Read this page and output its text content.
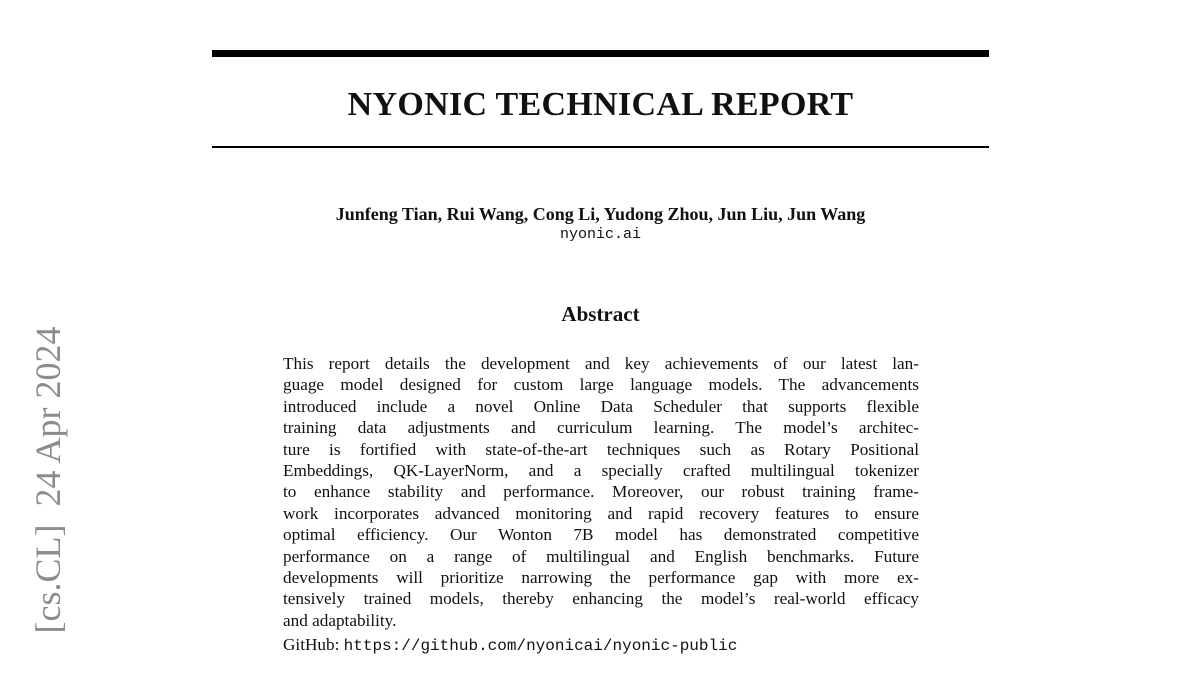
NYONIC TECHNICAL REPORT
Junfeng Tian, Rui Wang, Cong Li, Yudong Zhou, Jun Liu, Jun Wang
nyonic.ai
Abstract
This report details the development and key achievements of our latest lan-
guage model designed for custom large language models. The advancements
introduced include a novel Online Data Scheduler that supports flexible
training data adjustments and curriculum learning. The model’s architec-
ture is fortified with state-of-the-art techniques such as Rotary Positional
Embeddings, QK-LayerNorm, and a specially crafted multilingual tokenizer
to enhance stability and performance. Moreover, our robust training frame-
work incorporates advanced monitoring and rapid recovery features to ensure
optimal efficiency. Our Wonton 7B model has demonstrated competitive
performance on a range of multilingual and English benchmarks. Future
developments will prioritize narrowing the performance gap with more ex-
tensively trained models, thereby enhancing the model’s real-world efficacy
and adaptability.
GitHub: https://github.com/nyonicai/nyonic-public
[cs.CL]24 Apr 2024
